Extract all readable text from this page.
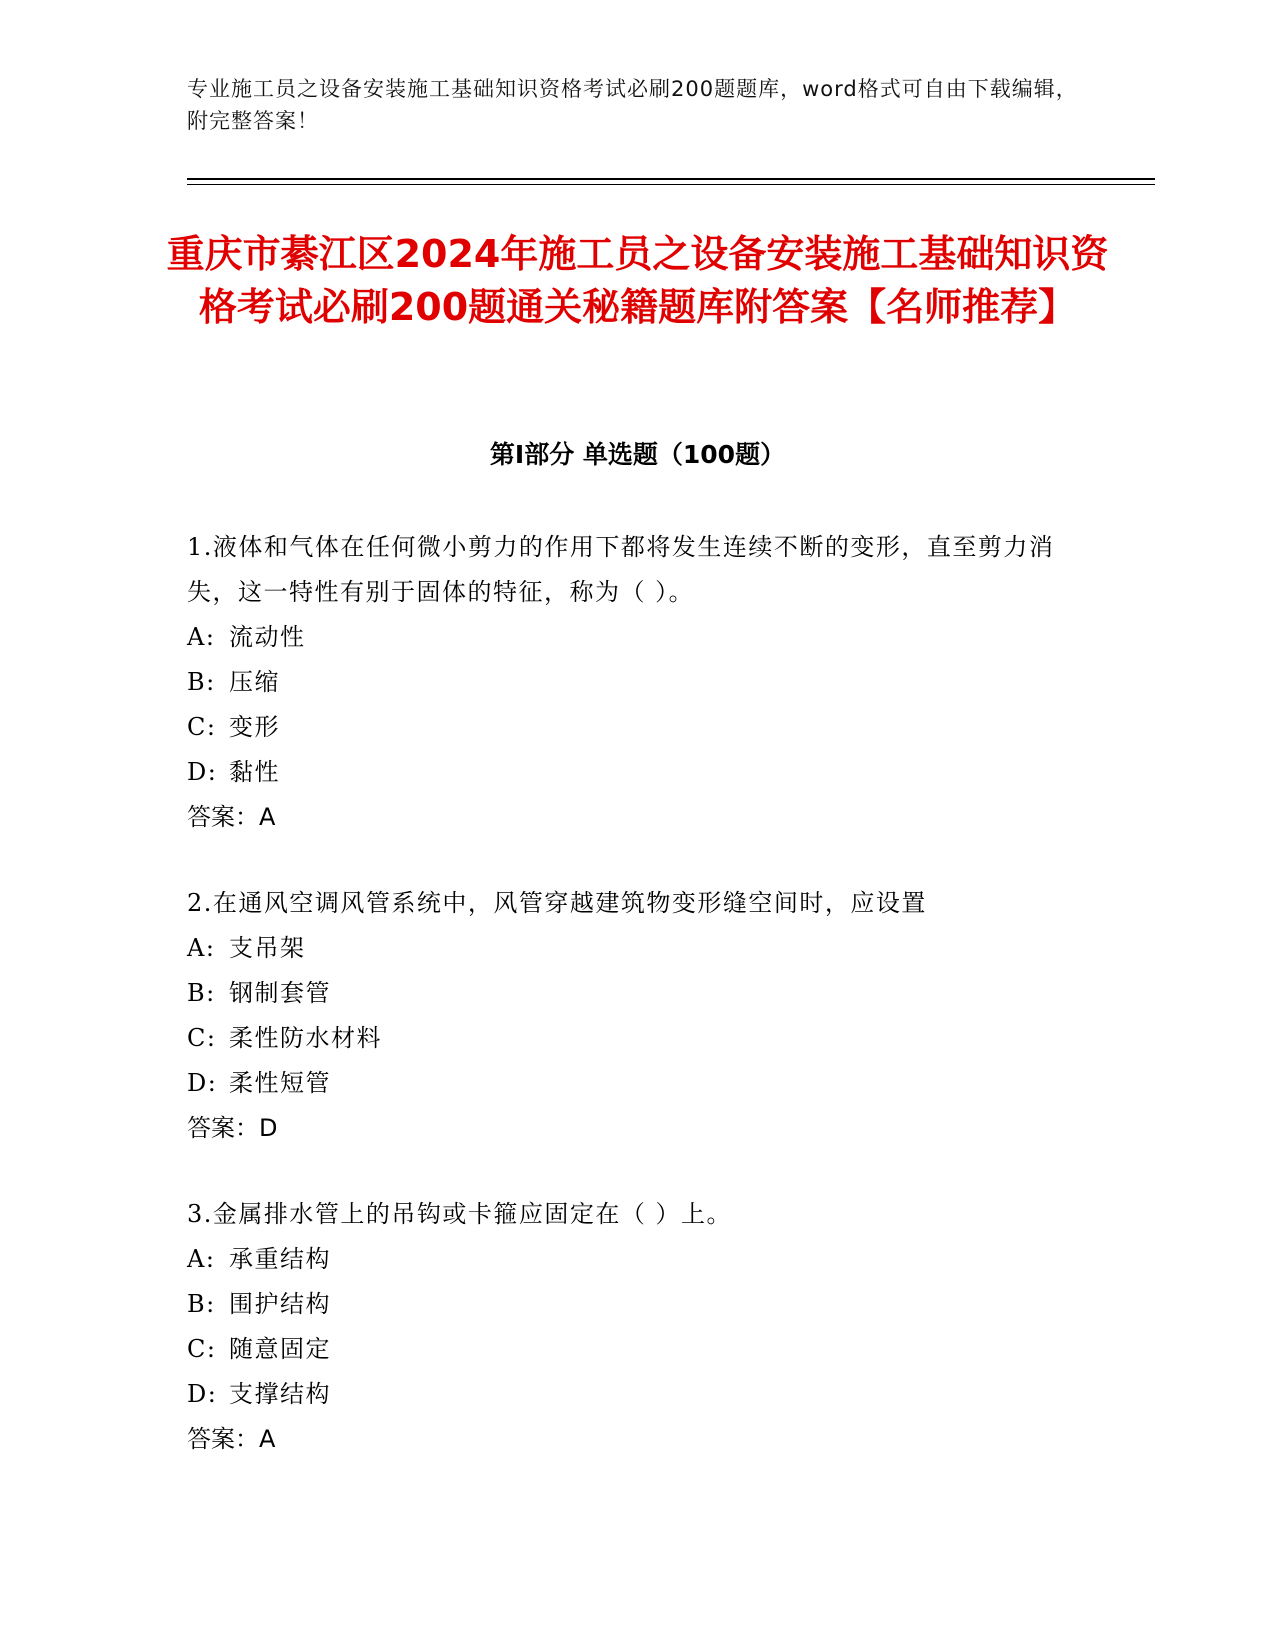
专业施工员之设备安装施工基础知识资格考试必刷200题题库，word格式可自由下载编辑，附完整答案！
重庆市綦江区2024年施工员之设备安装施工基础知识资格考试必刷200题通关秘籍题库附答案【名师推荐】
第I部分 单选题（100题）

1.液体和气体在任何微小剪力的作用下都将发生连续不断的变形，直至剪力消失，这一特性有别于固体的特征，称为（ ）。

A: 流动性

B: 压缩

C: 变形

D: 黏性

答案：A

2.在通风空调风管系统中，风管穿越建筑物变形缝空间时，应设置

A: 支吊架

B: 钢制套管

C: 柔性防水材料

D: 柔性短管

答案：D

3.金属排水管上的吊钩或卡箍应固定在（ ）上。

A: 承重结构

B: 围护结构

C: 随意固定

D: 支撑结构

答案：A
